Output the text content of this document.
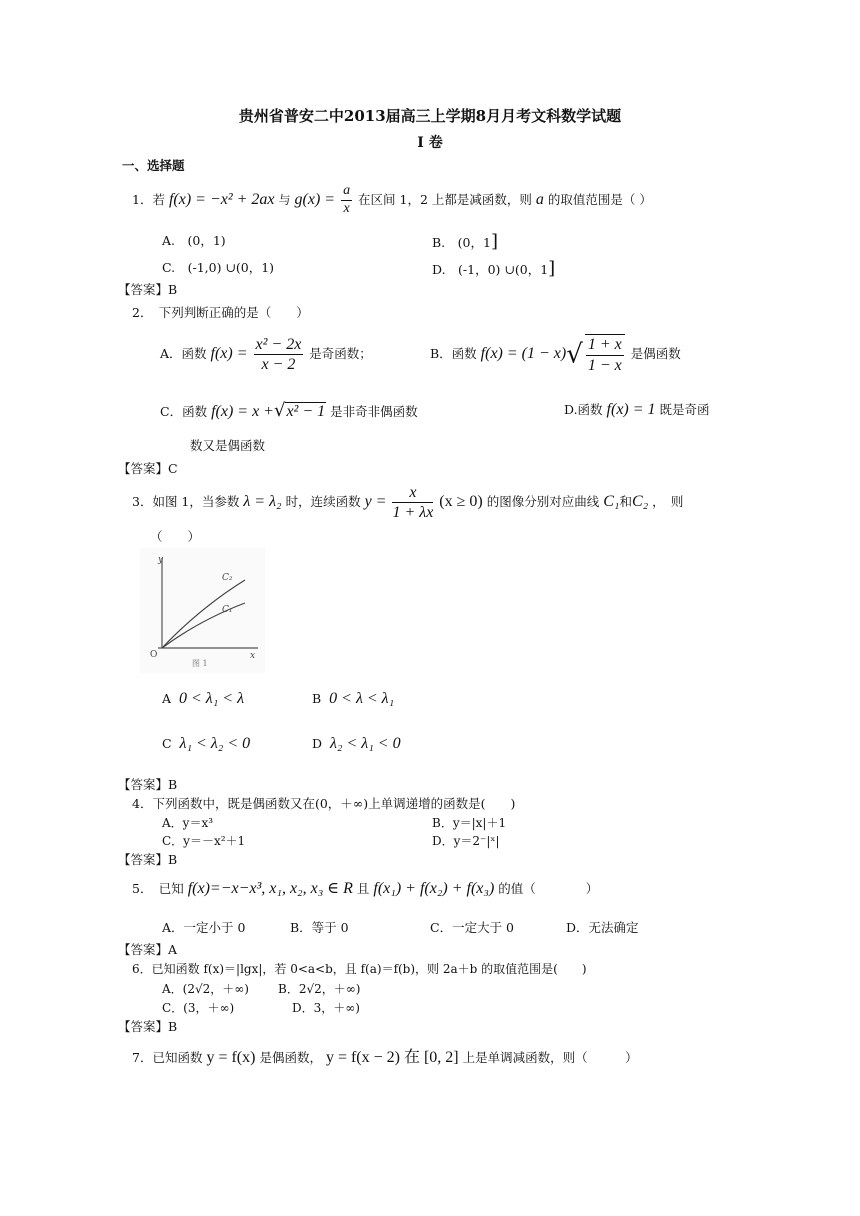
贵州省普安二中2013届高三上学期8月月考文科数学试题
I 卷
一、选择题
1．若 f(x) = −x² + 2ax 与 $g(x) = \frac{a}{x}$ 在区间 1，2 上都是减函数，则 a 的取值范围是（ ）
A.　(0，1)	B.　(0，1]
C.　(-1,0) ∪(0，1)	D.　(-1，0) ∪(0，1]
【答案】B
2．　下列判断正确的是（　　）
A．函数 $f(x) = \frac{\text{x² − 2x}}{x - 2}$ 是奇函数；	B．函数 $f(x) = (1 - x)√ \frac{1 + x}{1 - x}$ 是偶函数
C．函数 f(x) = x +√x² − 1 是非奇非偶函数	D.函数 f(x) = 1 既是奇函
数又是偶函数
【答案】C
3．如图 1，当参数 λ = λ₂ 时，连续函数 $y = \frac{x}{1 + \lambda x} (x \ge 0)$ 的图像分别对应曲线 C₁和C₂ ，　则
（　　）
y
x
C₂
C₁
O
图 1
A 0 < λ₁ < λ	B 0 < λ < λ₁
C λ₁ < λ₂ < 0	D λ₂ < λ₁ < 0
【答案】B
4．下列函数中，既是偶函数又在(0，＋∞)上单调递增的函数是(　　)
A．y＝x³	B．y＝|x|＋1
C．y＝－x²＋1	D．y＝2⁻|ˣ|
【答案】B
5．　已知 f(x)=−x−x³, x₁, x₂, x₃ ∈ R 且 f(x₁) + f(x₂) + f(x₃) 的值（　　　　）
A．一定小于 0	B．等于 0	C．一定大于 0	D．无法确定
【答案】A
6．已知函数 f(x)＝|lgx|，若 0<a<b，且 f(a)＝f(b)，则 2a＋b 的取值范围是(　　)
A．(2√2，＋∞) B．2√2，＋∞)
C．(3，＋∞)	D．3，＋∞)
【答案】B
7．已知函数 y = f(x) 是偶函数， y = f(x − 2) 在 [0, 2] 上是单调减函数，则（　　　）
